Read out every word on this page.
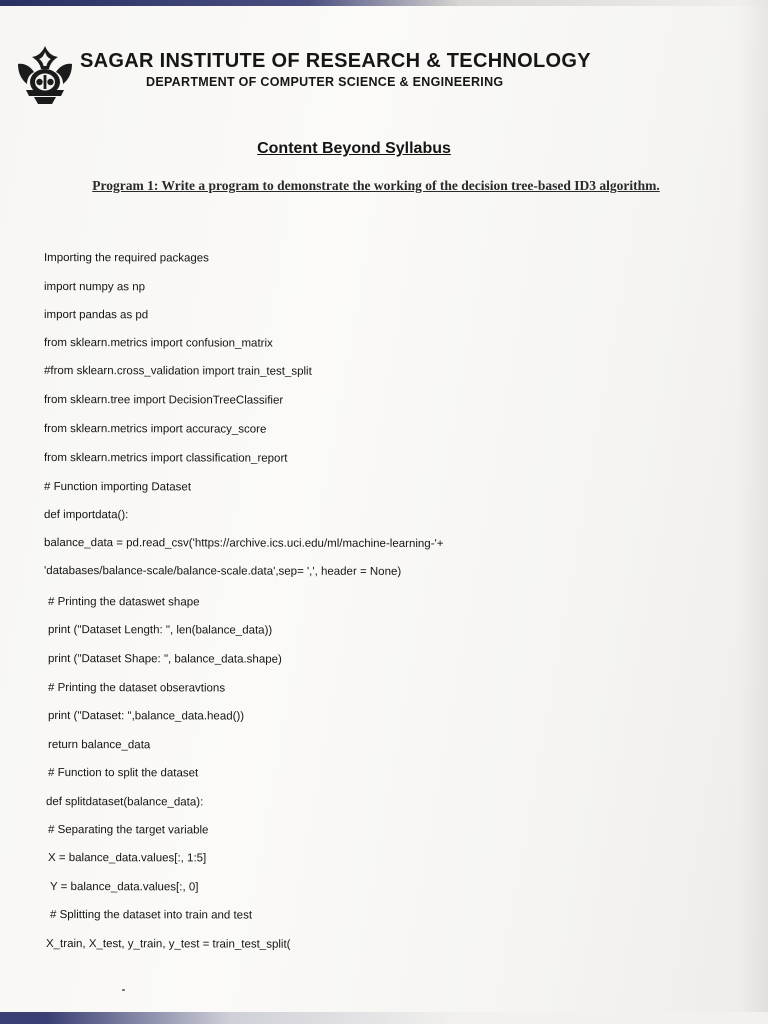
SAGAR INSTITUTE OF RESEARCH & TECHNOLOGY
DEPARTMENT OF COMPUTER SCIENCE & ENGINEERING
Content Beyond Syllabus
Program 1: Write a program to demonstrate the working of the decision tree-based ID3 algorithm.
Importing the required packages
import numpy as np
import pandas as pd
from sklearn.metrics import confusion_matrix
#from sklearn.cross_validation import train_test_split
from sklearn.tree import DecisionTreeClassifier
from sklearn.metrics import accuracy_score
from sklearn.metrics import classification_report
# Function importing Dataset
def importdata():
balance_data = pd.read_csv('https://archive.ics.uci.edu/ml/machine-learning-'+
'databases/balance-scale/balance-scale.data',sep= ',', header = None)
# Printing the dataswet shape
print ("Dataset Length: ", len(balance_data))
print ("Dataset Shape: ", balance_data.shape)
# Printing the dataset obseravtions
print ("Dataset: ",balance_data.head())
return balance_data
# Function to split the dataset
def splitdataset(balance_data):
# Separating the target variable
X = balance_data.values[:, 1:5]
Y = balance_data.values[:, 0]
# Splitting the dataset into train and test
X_train, X_test, y_train, y_test = train_test_split(
